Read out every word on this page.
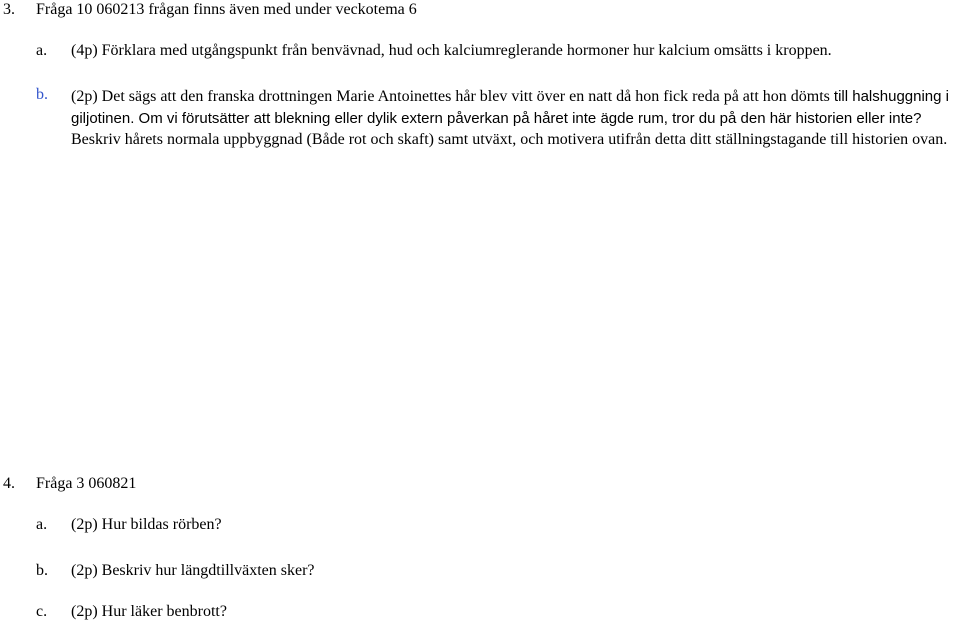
3. Fråga 10 060213 frågan finns även med under veckotema 6
a. (4p) Förklara med utgångspunkt från benvävnad, hud och kalciumreglerande hormoner hur kalcium omsätts i kroppen.
b. (2p) Det sägs att den franska drottningen Marie Antoinettes hår blev vitt över en natt då hon fick reda på att hon dömts till halshuggning i giljotinen. Om vi förutsätter att blekning eller dylik extern påverkan på håret inte ägde rum, tror du på den här historien eller inte? Beskriv hårets normala uppbyggnad (Både rot och skaft) samt utväxt, och motivera utifrån detta ditt ställningstagande till historien ovan.
4. Fråga 3 060821
a. (2p) Hur bildas rörben?
b. (2p) Beskriv hur längdtillväxten sker?
c. (2p) Hur läker benbrott?
